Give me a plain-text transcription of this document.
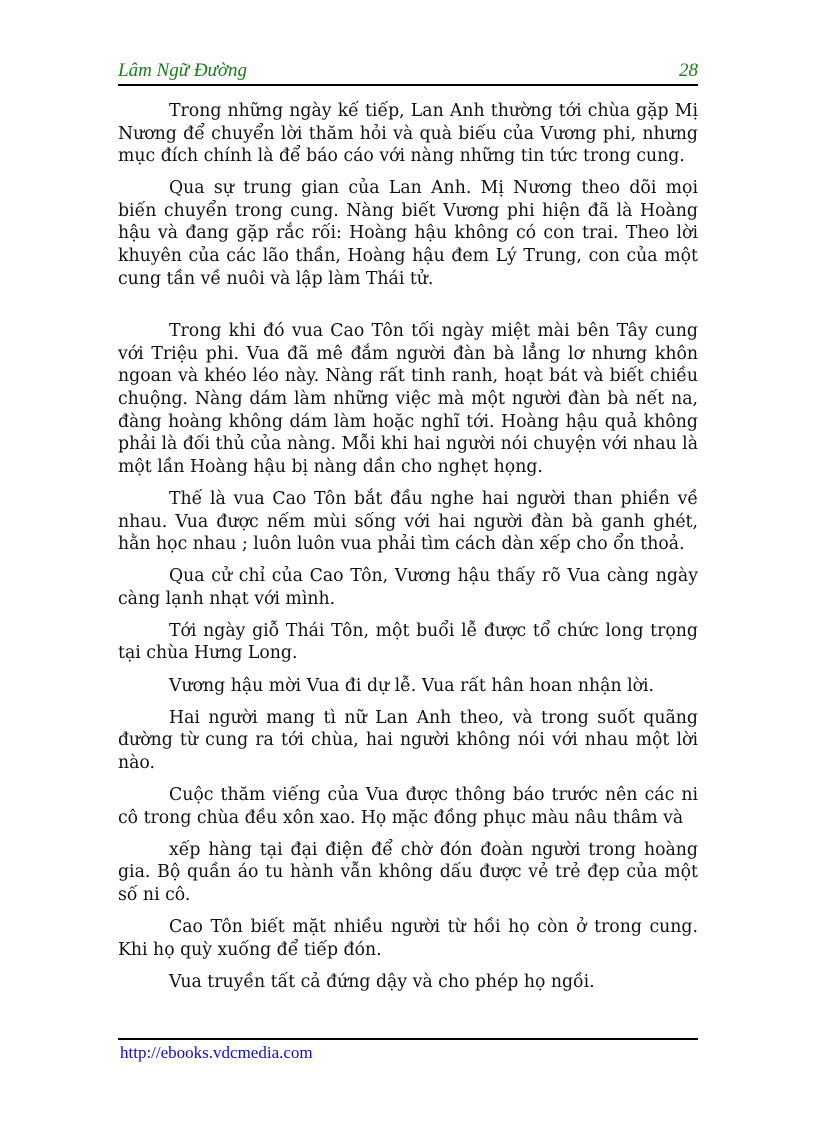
Lâm Ngữ Đường	28

Trong những ngày kế tiếp, Lan Anh thường tới chùa gặp Mị Nương để chuyển lời thăm hỏi và quà biếu của Vương phi, nhưng mục đích chính là để báo cáo với nàng những tin tức trong cung.

Qua sự trung gian của Lan Anh. Mị Nương theo dõi mọi biến chuyển trong cung. Nàng biết Vương phi hiện đã là Hoàng hậu và đang gặp rắc rối: Hoàng hậu không có con trai. Theo lời khuyên của các lão thần, Hoàng hậu đem Lý Trung, con của một cung tần về nuôi và lập làm Thái tử.

Trong khi đó vua Cao Tôn tối ngày miệt mài bên Tây cung với Triệu phi. Vua đã mê đắm người đàn bà lẳng lơ nhưng khôn ngoan và khéo léo này. Nàng rất tinh ranh, hoạt bát và biết chiều chuộng. Nàng dám làm những việc mà một người đàn bà nết na, đàng hoàng không dám làm hoặc nghĩ tới. Hoàng hậu quả không phải là đối thủ của nàng. Mỗi khi hai người nói chuyện với nhau là một lần Hoàng hậu bị nàng dần cho nghẹt họng.

Thế là vua Cao Tôn bắt đầu nghe hai người than phiền về nhau. Vua được nếm mùi sống với hai người đàn bà ganh ghét, hằn học nhau ; luôn luôn vua phải tìm cách dàn xếp cho ổn thoả.

Qua cử chỉ của Cao Tôn, Vương hậu thấy rõ Vua càng ngày càng lạnh nhạt với mình.

Tới ngày giỗ Thái Tôn, một buổi lễ được tổ chức long trọng tại chùa Hưng Long.

Vương hậu mời Vua đi dự lễ. Vua rất hân hoan nhận lời.

Hai người mang tì nữ Lan Anh theo, và trong suốt quãng đường từ cung ra tới chùa, hai người không nói với nhau một lời nào.

Cuộc thăm viếng của Vua được thông báo trước nên các ni cô trong chùa đều xôn xao. Họ mặc đồng phục màu nâu thâm và

xếp hàng tại đại điện để chờ đón đoàn người trong hoàng gia. Bộ quần áo tu hành vẫn không dấu được vẻ trẻ đẹp của một số ni cô.

Cao Tôn biết mặt nhiều người từ hồi họ còn ở trong cung. Khi họ quỳ xuống để tiếp đón.

Vua truyền tất cả đứng dậy và cho phép họ ngồi.

http://ebooks.vdcmedia.com
